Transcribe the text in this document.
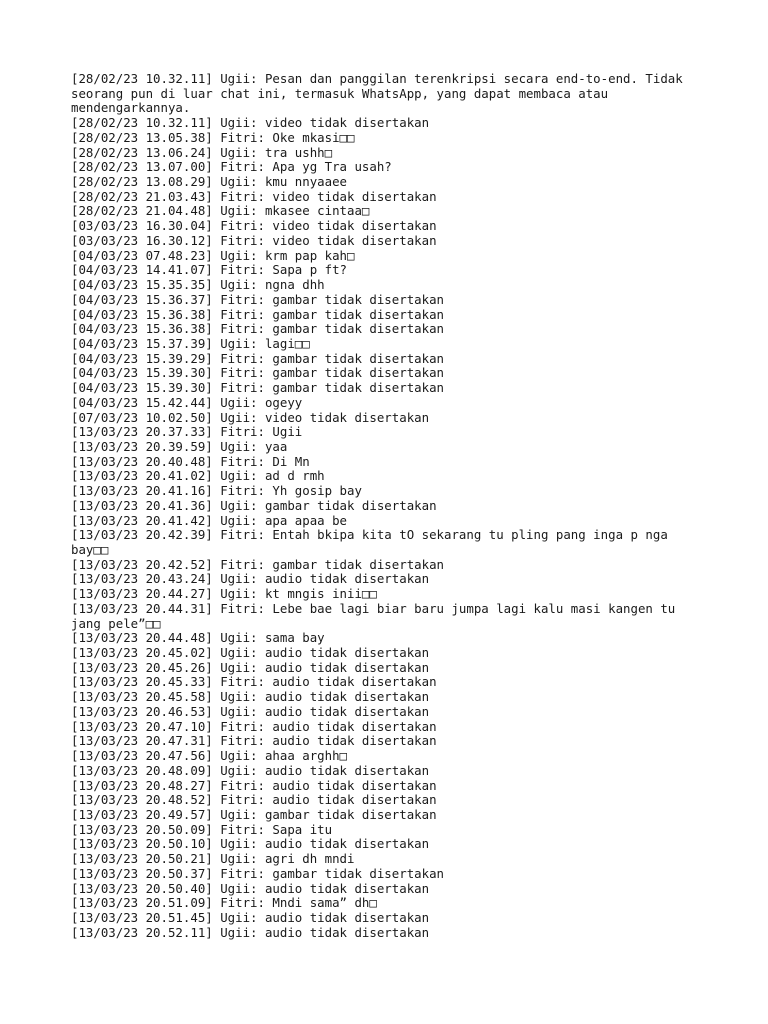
[28/02/23 10.32.11] Ugii: Pesan dan panggilan terenkripsi secara end-to-end. Tidak seorang pun di luar chat ini, termasuk WhatsApp, yang dapat membaca atau mendengarkannya.
[28/02/23 10.32.11] Ugii: video tidak disertakan
[28/02/23 13.05.38] Fitri: Oke mkasi□□
[28/02/23 13.06.24] Ugii: tra ushh□
[28/02/23 13.07.00] Fitri: Apa yg Tra usah?
[28/02/23 13.08.29] Ugii: kmu nnyaaee
[28/02/23 21.03.43] Fitri: video tidak disertakan
[28/02/23 21.04.48] Ugii: mkasee cintaa□
[03/03/23 16.30.04] Fitri: video tidak disertakan
[03/03/23 16.30.12] Fitri: video tidak disertakan
[04/03/23 07.48.23] Ugii: krm pap kah□
[04/03/23 14.41.07] Fitri: Sapa p ft?
[04/03/23 15.35.35] Ugii: ngna dhh
[04/03/23 15.36.37] Fitri: gambar tidak disertakan
[04/03/23 15.36.38] Fitri: gambar tidak disertakan
[04/03/23 15.36.38] Fitri: gambar tidak disertakan
[04/03/23 15.37.39] Ugii: lagi□□
[04/03/23 15.39.29] Fitri: gambar tidak disertakan
[04/03/23 15.39.30] Fitri: gambar tidak disertakan
[04/03/23 15.39.30] Fitri: gambar tidak disertakan
[04/03/23 15.42.44] Ugii: ogeyy
[07/03/23 10.02.50] Ugii: video tidak disertakan
[13/03/23 20.37.33] Fitri: Ugii
[13/03/23 20.39.59] Ugii: yaa
[13/03/23 20.40.48] Fitri: Di Mn
[13/03/23 20.41.02] Ugii: ad d rmh
[13/03/23 20.41.16] Fitri: Yh gosip bay
[13/03/23 20.41.36] Ugii: gambar tidak disertakan
[13/03/23 20.41.42] Ugii: apa apaa be
[13/03/23 20.42.39] Fitri: Entah bkipa kita tO sekarang tu pling pang inga p nga bay□□
[13/03/23 20.42.52] Fitri: gambar tidak disertakan
[13/03/23 20.43.24] Ugii: audio tidak disertakan
[13/03/23 20.44.27] Ugii: kt mngis inii□□
[13/03/23 20.44.31] Fitri: Lebe bae lagi biar baru jumpa lagi kalu masi kangen tu jang pele”□□
[13/03/23 20.44.48] Ugii: sama bay
[13/03/23 20.45.02] Ugii: audio tidak disertakan
[13/03/23 20.45.26] Ugii: audio tidak disertakan
[13/03/23 20.45.33] Fitri: audio tidak disertakan
[13/03/23 20.45.58] Ugii: audio tidak disertakan
[13/03/23 20.46.53] Ugii: audio tidak disertakan
[13/03/23 20.47.10] Fitri: audio tidak disertakan
[13/03/23 20.47.31] Fitri: audio tidak disertakan
[13/03/23 20.47.56] Ugii: ahaa arghh□
[13/03/23 20.48.09] Ugii: audio tidak disertakan
[13/03/23 20.48.27] Fitri: audio tidak disertakan
[13/03/23 20.48.52] Fitri: audio tidak disertakan
[13/03/23 20.49.57] Ugii: gambar tidak disertakan
[13/03/23 20.50.09] Fitri: Sapa itu
[13/03/23 20.50.10] Ugii: audio tidak disertakan
[13/03/23 20.50.21] Ugii: agri dh mndi
[13/03/23 20.50.37] Fitri: gambar tidak disertakan
[13/03/23 20.50.40] Ugii: audio tidak disertakan
[13/03/23 20.51.09] Fitri: Mndi sama” dh□
[13/03/23 20.51.45] Ugii: audio tidak disertakan
[13/03/23 20.52.11] Ugii: audio tidak disertakan
